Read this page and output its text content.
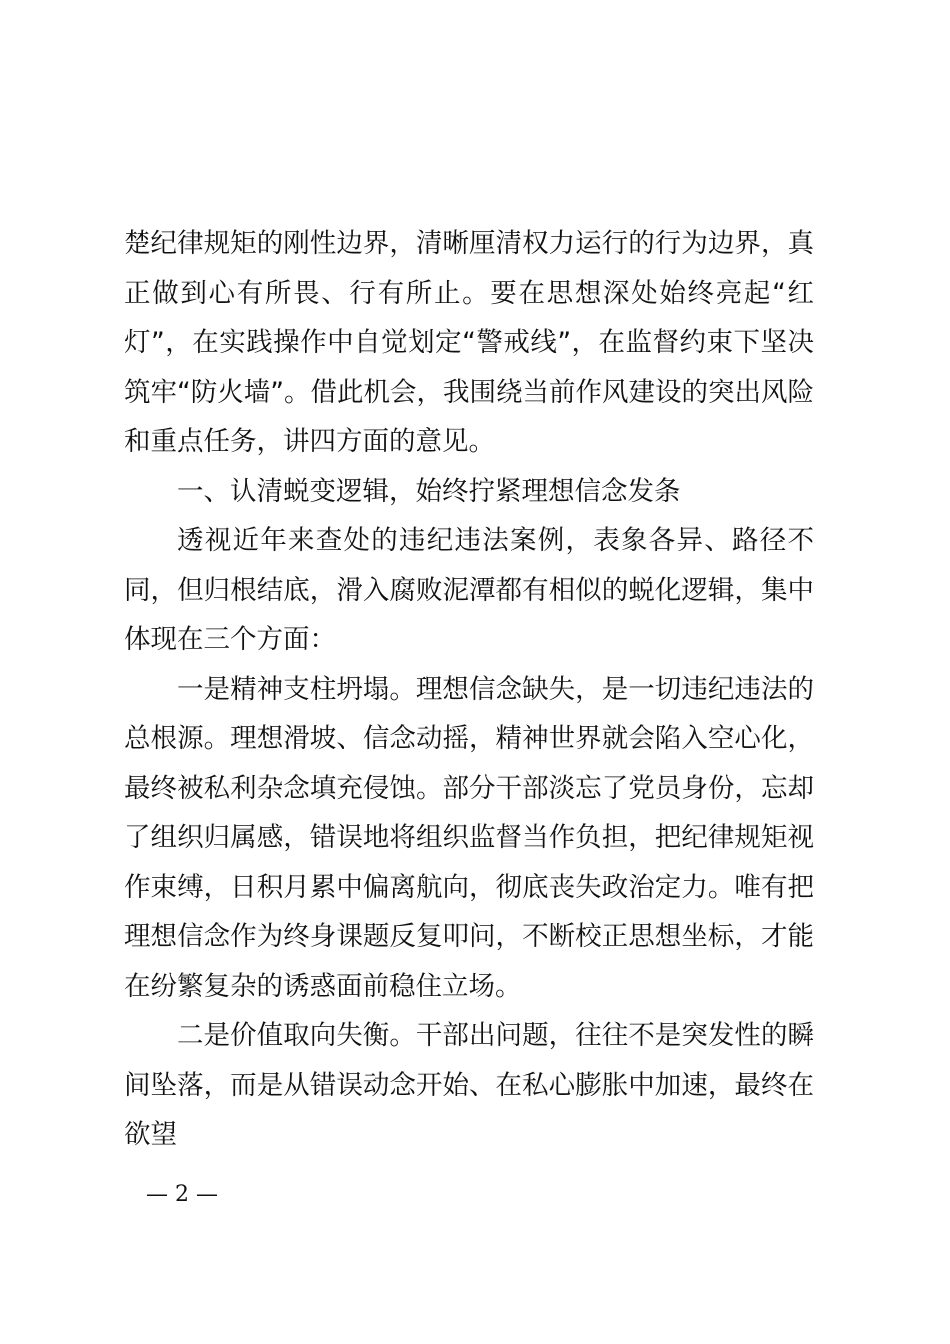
楚纪律规矩的刚性边界，清晰厘清权力运行的行为边界，真正做到心有所畏、行有所止。要在思想深处始终亮起“红灯”，在实践操作中自觉划定“警戒线”，在监督约束下坚决筑牢“防火墙”。借此机会，我围绕当前作风建设的突出风险和重点任务，讲四方面的意见。

一、认清蜕变逻辑，始终拧紧理想信念发条

透视近年来查处的违纪违法案例，表象各异、路径不同，但归根结底，滑入腐败泥潭都有相似的蜕化逻辑，集中体现在三个方面：

一是精神支柱坍塌。理想信念缺失，是一切违纪违法的总根源。理想滑坡、信念动摇，精神世界就会陷入空心化，最终被私利杂念填充侵蚀。部分干部淡忘了党员身份，忘却了组织归属感，错误地将组织监督当作负担，把纪律规矩视作束缚，日积月累中偏离航向，彻底丧失政治定力。唯有把理想信念作为终身课题反复叩问，不断校正思想坐标，才能在纷繁复杂的诱惑面前稳住立场。

二是价值取向失衡。干部出问题，往往不是突发性的瞬间坠落，而是从错误动念开始、在私心膨胀中加速，最终在欲望

— 2 —
